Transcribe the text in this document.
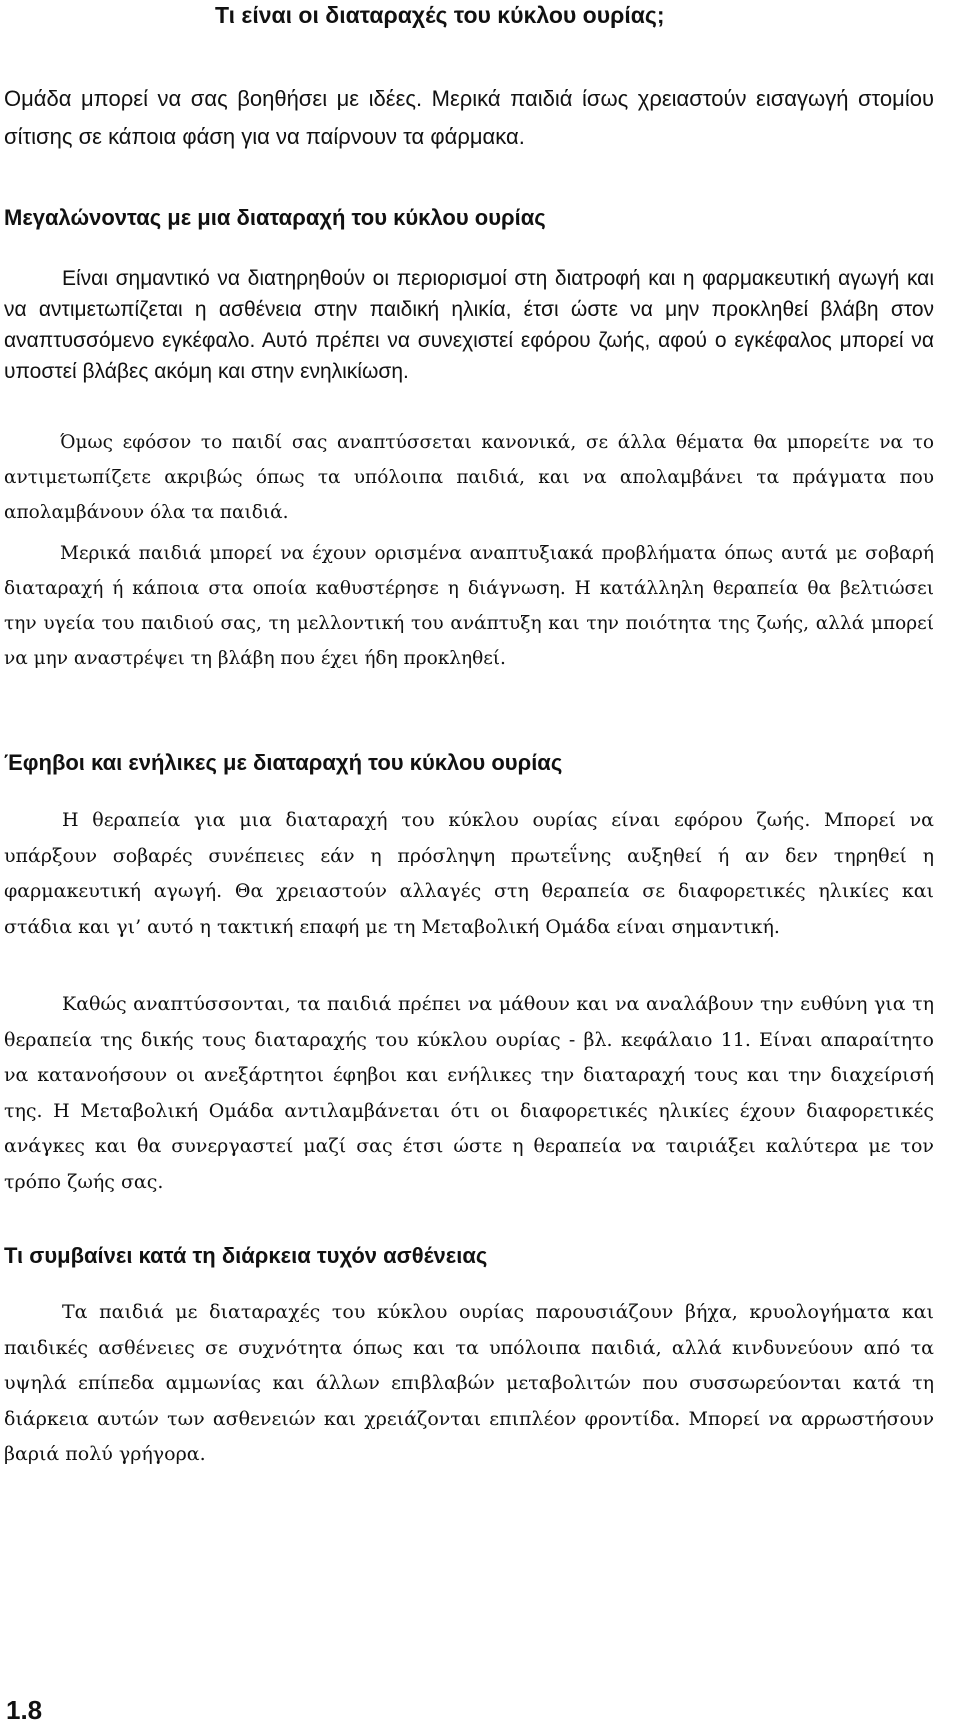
Τι είναι οι διαταραχές του κύκλου ουρίας;

Ομάδα μπορεί να σας βοηθήσει με ιδέες. Μερικά παιδιά ίσως χρειαστούν εισαγωγή στομίου σίτισης σε κάποια φάση για να παίρνουν τα φάρμακα.

Μεγαλώνοντας με μια διαταραχή του κύκλου ουρίας

Είναι σημαντικό να διατηρηθούν οι περιορισμοί στη διατροφή και η φαρμακευτική αγωγή και να αντιμετωπίζεται η ασθένεια στην παιδική ηλικία, έτσι ώστε να μην προκληθεί βλάβη στον αναπτυσσόμενο εγκέφαλο. Αυτό πρέπει να συνεχιστεί εφόρου ζωής, αφού ο εγκέφαλος μπορεί να υποστεί βλάβες ακόμη και στην ενηλικίωση.

Όμως εφόσον το παιδί σας αναπτύσσεται κανονικά, σε άλλα θέματα θα μπορείτε να το αντιμετωπίζετε ακριβώς όπως τα υπόλοιπα παιδιά, και να απολαμβάνει τα πράγματα που απολαμβάνουν όλα τα παιδιά.

Μερικά παιδιά μπορεί να έχουν ορισμένα αναπτυξιακά προβλήματα όπως αυτά με σοβαρή διαταραχή ή κάποια στα οποία καθυστέρησε η διάγνωση. Η κατάλληλη θεραπεία θα βελτιώσει την υγεία του παιδιού σας, τη μελλοντική του ανάπτυξη και την ποιότητα της ζωής, αλλά μπορεί να μην αναστρέψει τη βλάβη που έχει ήδη προκληθεί.

Έφηβοι και ενήλικες με διαταραχή του κύκλου ουρίας

Η θεραπεία για μια διαταραχή του κύκλου ουρίας είναι εφόρου ζωής. Μπορεί να υπάρξουν σοβαρές συνέπειες εάν η πρόσληψη πρωτεΐνης αυξηθεί ή αν δεν τηρηθεί η φαρμακευτική αγωγή. Θα χρειαστούν αλλαγές στη θεραπεία σε διαφορετικές ηλικίες και στάδια και γι’ αυτό η τακτική επαφή με τη Μεταβολική Ομάδα είναι σημαντική.

Καθώς αναπτύσσονται, τα παιδιά πρέπει να μάθουν και να αναλάβουν την ευθύνη για τη θεραπεία της δικής τους διαταραχής του κύκλου ουρίας - βλ. κεφάλαιο 11. Είναι απαραίτητο να κατανοήσουν οι ανεξάρτητοι έφηβοι και ενήλικες την διαταραχή τους και την διαχείρισή της. Η Μεταβολική Ομάδα αντιλαμβάνεται ότι οι διαφορετικές ηλικίες έχουν διαφορετικές ανάγκες και θα συνεργαστεί μαζί σας έτσι ώστε η θεραπεία να ταιριάξει καλύτερα με τον τρόπο ζωής σας.

Τι συμβαίνει κατά τη διάρκεια τυχόν ασθένειας

Τα παιδιά με διαταραχές του κύκλου ουρίας παρουσιάζουν βήχα, κρυολογήματα και παιδικές ασθένειες σε συχνότητα όπως και τα υπόλοιπα παιδιά, αλλά κινδυνεύουν από τα υψηλά επίπεδα αμμωνίας και άλλων επιβλαβών μεταβολιτών που συσσωρεύονται κατά τη διάρκεια αυτών των ασθενειών και χρειάζονται επιπλέον φροντίδα. Μπορεί να αρρωστήσουν βαριά πολύ γρήγορα.

1.8
